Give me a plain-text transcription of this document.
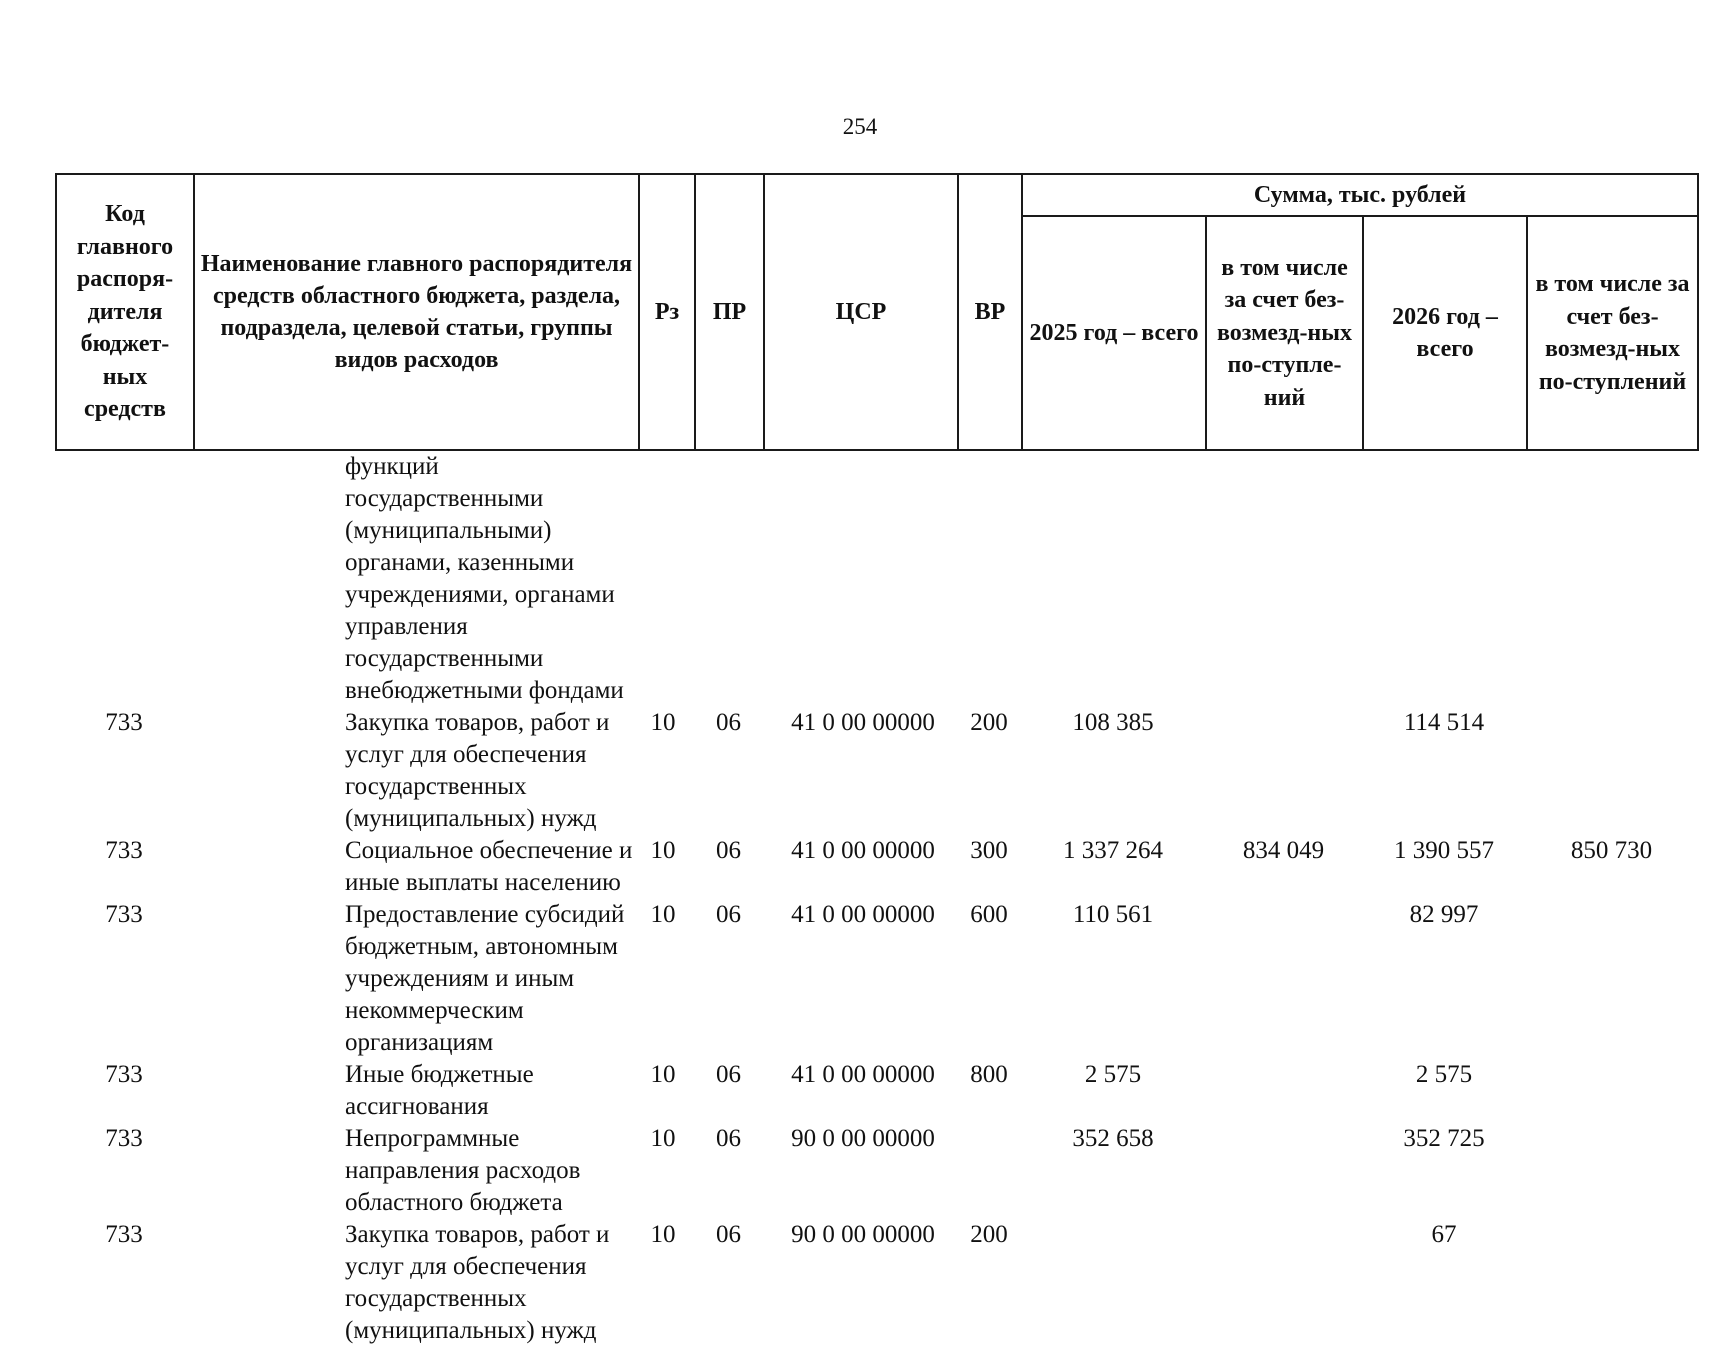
254
Код главного распоря-дителя бюджет-ных средств	Наименование главного распорядителя средств областного бюджета, раздела, подраздела, целевой статьи, группы видов расходов	Рз	ПР	ЦСР	ВР	Сумма, тыс. рублей			
						2025 год – всего	в том числе за счет без-возмезд-ных по-ступле-ний	2026 год – всего	в том числе за счет без-возмезд-ных по-ступлений
	функций государственными (муниципальными) органами, казенными учреждениями, органами управления государственными внебюджетными фондами								
733	Закупка товаров, работ и услуг для обеспечения государственных (муниципальных) нужд	10	06	41 0 00 00000	200	108 385		114 514	
733	Социальное обеспечение и иные выплаты населению	10	06	41 0 00 00000	300	1 337 264	834 049	1 390 557	850 730
733	Предоставление субсидий бюджетным, автономным учреждениям и иным некоммерческим организациям	10	06	41 0 00 00000	600	110 561		82 997	
733	Иные бюджетные ассигнования	10	06	41 0 00 00000	800	2 575		2 575	
733	Непрограммные направления расходов областного бюджета	10	06	90 0 00 00000		352 658		352 725	
733	Закупка товаров, работ и услуг для обеспечения государственных (муниципальных) нужд	10	06	90 0 00 00000	200			67	
